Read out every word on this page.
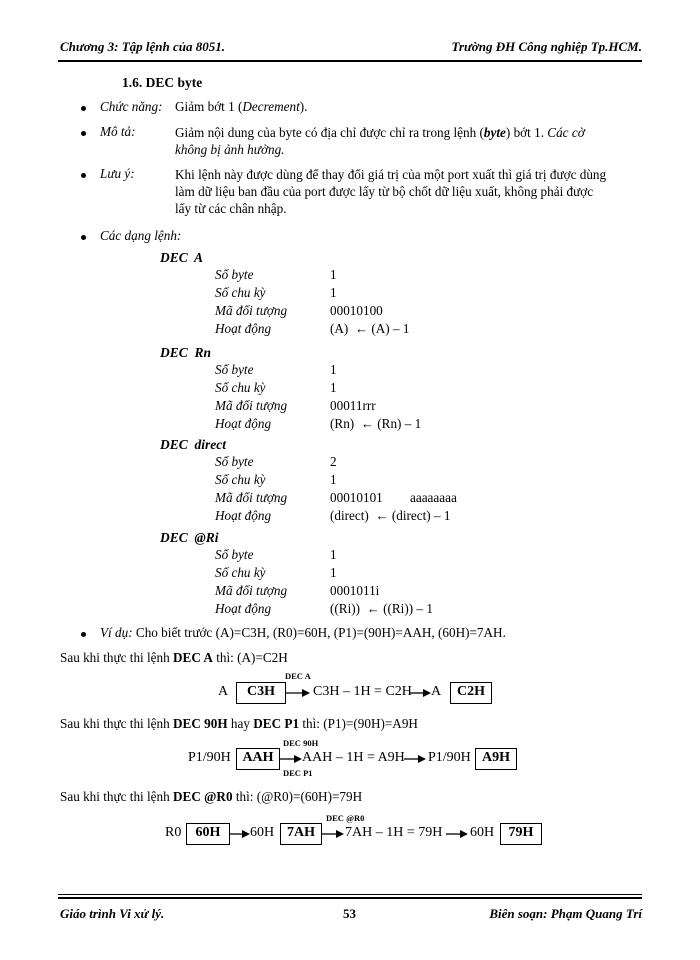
Chương 3: Tập lệnh của 8051.	Trường ĐH Công nghiệp Tp.HCM.
1.6. DEC byte
Chức năng: Giảm bớt 1 (Decrement).
Mô tả:	Giảm nội dung của byte có địa chỉ được chỉ ra trong lệnh (byte) bớt 1. Các cờ
không bị ảnh hưởng.
Lưu ý:	Khi lệnh này được dùng để thay đổi giá trị của một port xuất thì giá trị được dùng
làm dữ liệu ban đầu của port được lấy từ bộ chốt dữ liệu xuất, không phải được
lấy từ các chân nhập.
Các dạng lệnh:
DEC  A
Số byte	1
Số chu kỳ	1
Mã đối tượng	00010100
Hoạt động	(A)  ← (A) – 1
DEC  Rn
Số byte	1
Số chu kỳ	1
Mã đối tượng	00011rrr
Hoạt động	(Rn)  ← (Rn) – 1
DEC  direct
Số byte	2
Số chu kỳ	1
Mã đối tượng	00010101 aaaaaaaa
Hoạt động	(direct)  ← (direct) – 1
DEC  @Ri
Số byte	1
Số chu kỳ	1
Mã đối tượng	0001011i
Hoạt động	((Ri))  ← ((Ri)) – 1
Ví dụ: Cho biết trước (A)=C3H, (R0)=60H, (P1)=(90H)=AAH, (60H)=7AH.
Sau khi thực thi lệnh DEC A thì: (A)=C2H
A	C3H
DEC A
C3H – 1H = C2H A	C2H
Sau khi thực thi lệnh DEC 90H hay DEC P1 thì: (P1)=(90H)=A9H
P1/90H AAH
DEC 90H
DEC P1
AAH – 1H = A9H P1/90H A9H
Sau khi thực thi lệnh DEC @R0 thì: (@R0)=(60H)=79H
R0	60H	60H 7AH
DEC @R0
7AH – 1H = 79H 60H	79H
Giáo trình Vi xử lý.	53	Biên soạn: Phạm Quang Trí
